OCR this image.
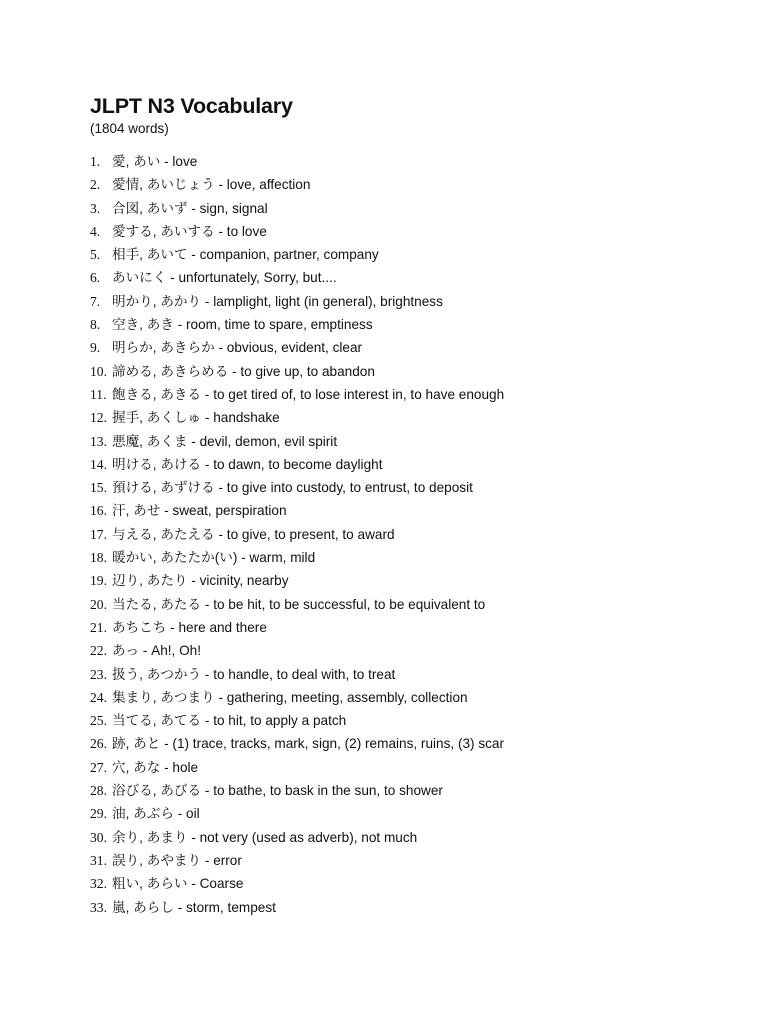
JLPT N3 Vocabulary

(1804 words)

1. 愛, あい - love
2. 愛情, あいじょう - love, affection
3. 合図, あいず - sign, signal
4. 愛する, あいする - to love
5. 相手, あいて - companion, partner, company
6. あいにく - unfortunately, Sorry, but....
7. 明かり, あかり - lamplight, light (in general), brightness
8. 空き, あき - room, time to spare, emptiness
9. 明らか, あきらか - obvious, evident, clear
10. 諦める, あきらめる - to give up, to abandon
11. 飽きる, あきる - to get tired of, to lose interest in, to have enough
12. 握手, あくしゅ - handshake
13. 悪魔, あくま - devil, demon, evil spirit
14. 明ける, あける - to dawn, to become daylight
15. 預ける, あずける - to give into custody, to entrust, to deposit
16. 汗, あせ - sweat, perspiration
17. 与える, あたえる - to give, to present, to award
18. 暖かい, あたたか(い) - warm, mild
19. 辺り, あたり - vicinity, nearby
20. 当たる, あたる - to be hit, to be successful, to be equivalent to
21. あちこち - here and there
22. あっ - Ah!, Oh!
23. 扱う, あつかう - to handle, to deal with, to treat
24. 集まり, あつまり - gathering, meeting, assembly, collection
25. 当てる, あてる - to hit, to apply a patch
26. 跡, あと - (1) trace, tracks, mark, sign, (2) remains, ruins, (3) scar
27. 穴, あな - hole
28. 浴びる, あびる - to bathe, to bask in the sun, to shower
29. 油, あぶら - oil
30. 余り, あまり - not very (used as adverb), not much
31. 誤り, あやまり - error
32. 粗い, あらい - Coarse
33. 嵐, あらし - storm, tempest
